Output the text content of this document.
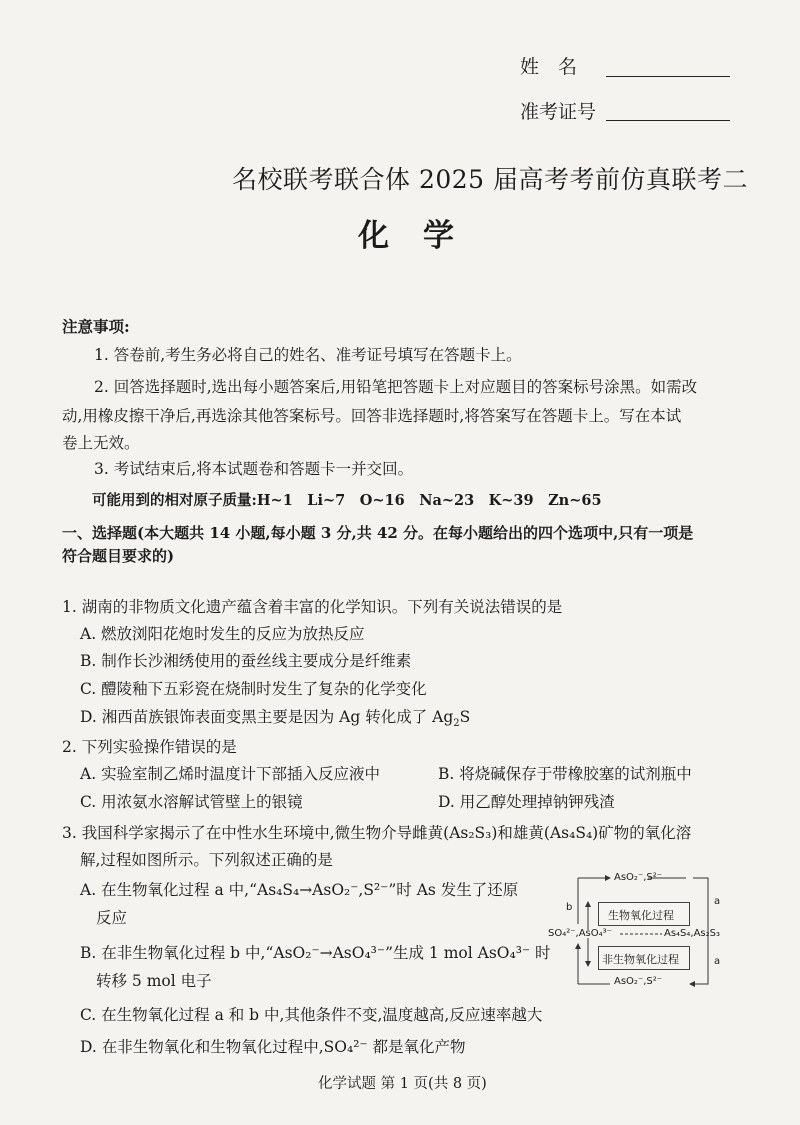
姓　名
准考证号
名校联考联合体 2025 届高考考前仿真联考二
化学
注意事项:
1. 答卷前,考生务必将自己的姓名、准考证号填写在答题卡上。
2. 回答选择题时,选出每小题答案后,用铅笔把答题卡上对应题目的答案标号涂黑。如需改
动,用橡皮擦干净后,再选涂其他答案标号。回答非选择题时,将答案写在答题卡上。写在本试
卷上无效。
3. 考试结束后,将本试题卷和答题卡一并交回。
可能用到的相对原子质量:H~1　Li~7　O~16　Na~23　K~39　Zn~65
一、选择题(本大题共 14 小题,每小题 3 分,共 42 分。在每小题给出的四个选项中,只有一项是
符合题目要求的)
1. 湖南的非物质文化遗产蕴含着丰富的化学知识。下列有关说法错误的是
A. 燃放浏阳花炮时发生的反应为放热反应
B. 制作长沙湘绣使用的蚕丝线主要成分是纤维素
C. 醴陵釉下五彩瓷在烧制时发生了复杂的化学变化
D. 湘西苗族银饰表面变黑主要是因为 Ag 转化成了 $Ag_2S$
2. 下列实验操作错误的是
A. 实验室制乙烯时温度计下部插入反应液中	B. 将烧碱保存于带橡胶塞的试剂瓶中
C. 用浓氨水溶解试管壁上的银镜	D. 用乙醇处理掉钠钾残渣
3. 我国科学家揭示了在中性水生环境中,微生物介导雌黄(As₂S₃)和雄黄(As₄S₄)矿物的氧化溶
解,过程如图所示。下列叙述正确的是
A. 在生物氧化过程 a 中,“As₄S₄→AsO₂⁻,S²⁻”时 As 发生了还原
反应
B. 在非生物氧化过程 b 中,“AsO₂⁻→AsO₄³⁻”生成 1 mol AsO₄³⁻ 时
转移 5 mol 电子
C. 在生物氧化过程 a 和 b 中,其他条件不变,温度越高,反应速率越大
D. 在非生物氧化和生物氧化过程中,SO₄²⁻ 都是氧化产物
AsO₂⁻,S²⁻
生物氧化过程
非生物氧化过程
SO₄²⁻,AsO₄³⁻	As₄S₄,As₂S₃
AsO₂⁻,S²⁻
b
a
a
化学试题 第 1 页(共 8 页)
